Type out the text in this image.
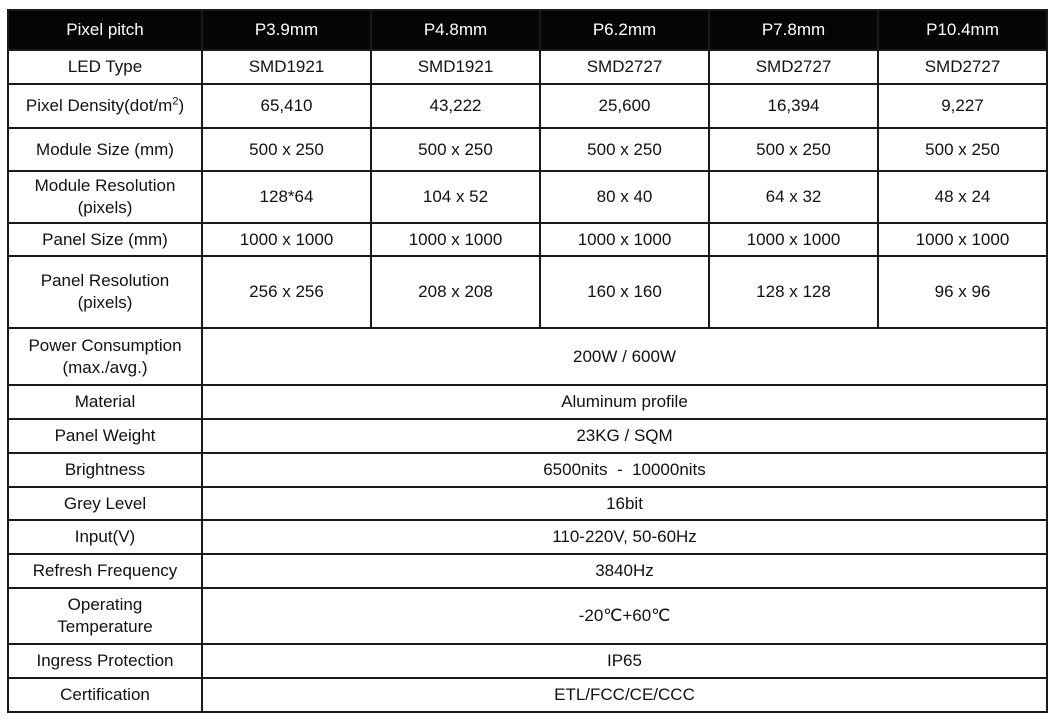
Pixel pitch	P3.9mm	P4.8mm	P6.2mm	P7.8mm	P10.4mm
LED Type	SMD1921	SMD1921	SMD2727	SMD2727	SMD2727
Pixel $Density(dot/m^2)$	65,410	43,222	25,600	16,394	9,227
Module Size (mm)	500 x 250	500 x 250	500 x 250	500 x 250	500 x 250

Module Resolution
(pixels)	128*64	104 x 52	80 x 40	64 x 32	48 x 24
Panel Size (mm)	1000 x 1000	1000 x 1000	1000 x 1000	1000 x 1000	1000 x 1000

Panel Resolution
(pixels)	256 x 256	208 x 208	160 x 160	128 x 128	96 x 96

Power Consumption
(max./avg.)	200W / 600W				
Material	Aluminum profile				
Panel Weight	23KG / SQM				
Brightness	6500nits  -  10000nits				
Grey Level	16bit				
Input(V)	110-220V, 50-60Hz				
Refresh Frequency	3840Hz				

Operating
Temperature	-20℃+60℃				
Ingress Protection	IP65				
Certification	ETL/FCC/CE/CCC				
